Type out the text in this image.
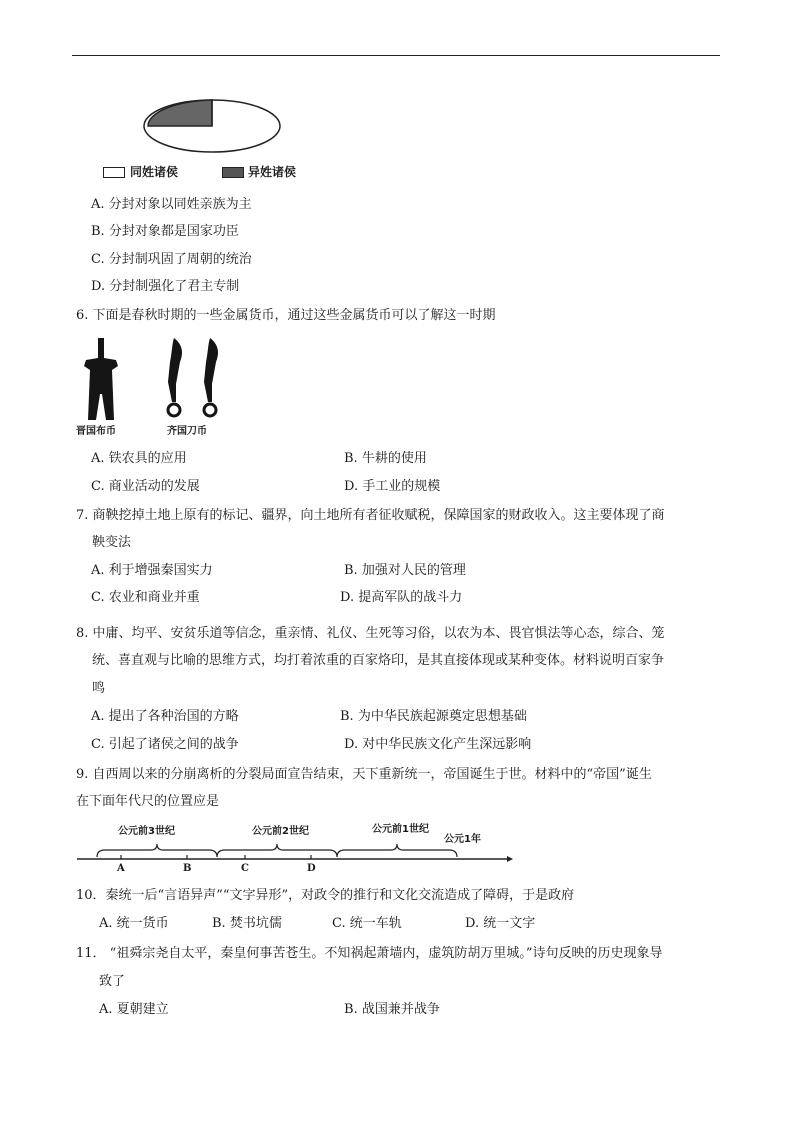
同姓诸侯	异姓诸侯
A. 分封对象以同姓亲族为主
B. 分封对象都是国家功臣
C. 分封制巩固了周朝的统治
D. 分封制强化了君主专制
6. 下面是春秋时期的一些金属货币，通过这些金属货币可以了解这一时期
晋国布币	齐国刀币
A. 铁农具的应用	B. 牛耕的使用
C. 商业活动的发展	D. 手工业的规模
7. 商鞅挖掉土地上原有的标记、疆界，向土地所有者征收赋税，保障国家的财政收入。这主要体现了商
鞅变法
A. 利于增强秦国实力	B. 加强对人民的管理
C. 农业和商业并重	D. 提高军队的战斗力
8. 中庸、均平、安贫乐道等信念，重亲情、礼仪、生死等习俗，以农为本、畏官惧法等心态，综合、笼
统、喜直观与比喻的思维方式，均打着浓重的百家烙印，是其直接体现或某种变体。材料说明百家争
鸣
A. 提出了各种治国的方略	B. 为中华民族起源奠定思想基础
C. 引起了诸侯之间的战争	D. 对中华民族文化产生深远影响
9. 自西周以来的分崩离析的分裂局面宣告结束，天下重新统一，帝国诞生于世。材料中的“帝国”诞生
在下面年代尺的位置应是
公元前3世纪	公元前2世纪	公元前1世纪
公元1年
A	B	C	D
10．秦统一后“言语异声”“文字异形”，对政令的推行和文化交流造成了障碍，于是政府
A. 统一货币	B. 焚书坑儒	C. 统一车轨	D. 统一文字
11． “祖舜宗尧自太平，秦皇何事苦苍生。不知祸起萧墙内，虚筑防胡万里城。”诗句反映的历史现象导
致了
A. 夏朝建立	B. 战国兼并战争
